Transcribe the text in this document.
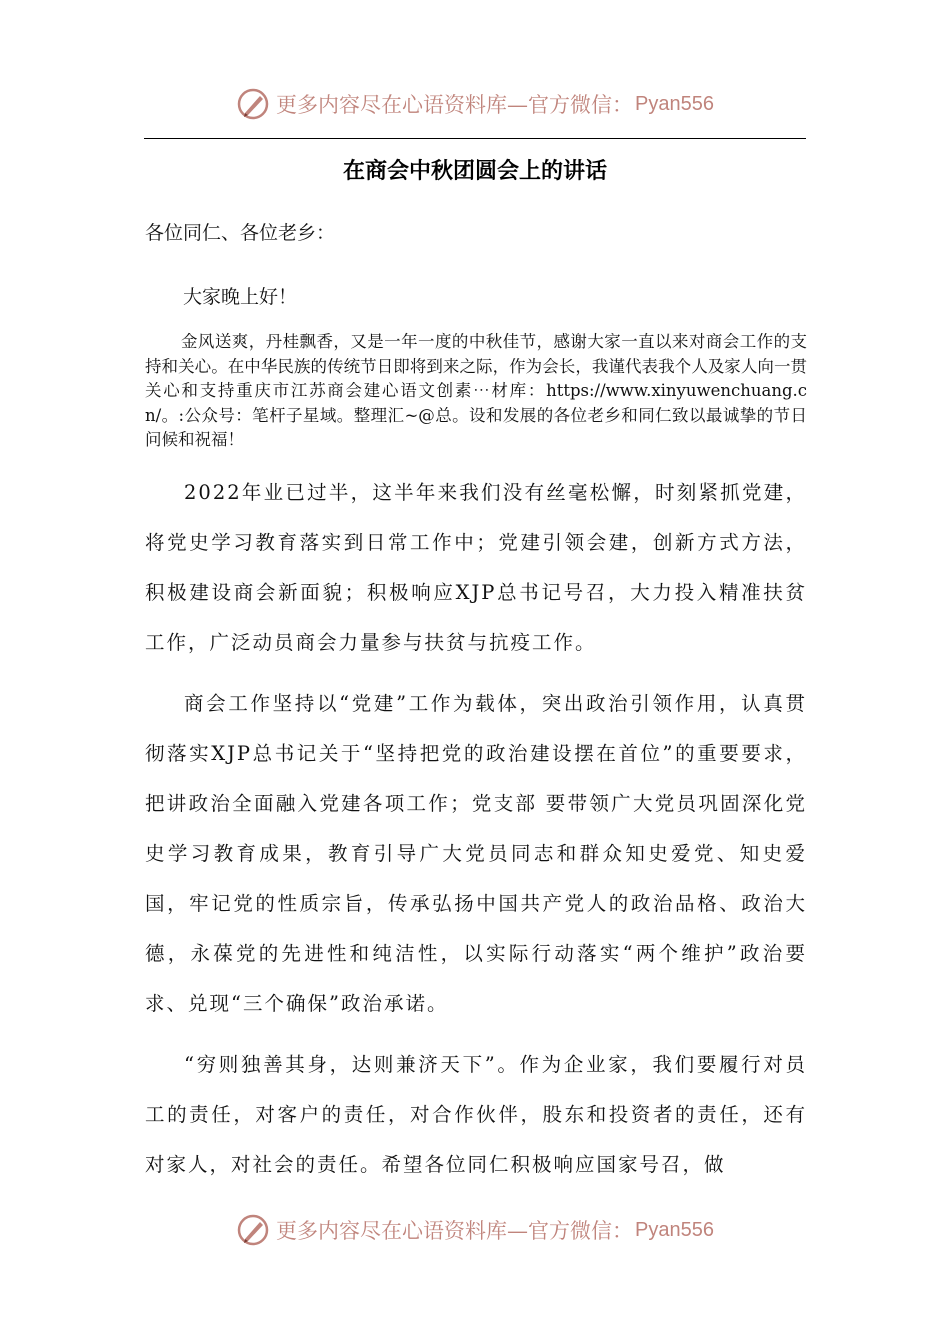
更多内容尽在心语资料库—官方微信： Pyan556
在商会中秋团圆会上的讲话

各位同仁、各位老乡：

大家晚上好！

金风送爽，丹桂飘香，又是一年一度的中秋佳节，感谢大家一直以来对商会工作的支持和关心。在中华民族的传统节日即将到来之际，作为会长，我谨代表我个人及家人向一贯关心和支持重庆市江苏商会建心语文创素⋯材库：https://www.xinyuwenchuang.cn/。:公众号：笔杆子星域。整理汇~@总。设和发展的各位老乡和同仁致以最诚挚的节日问候和祝福！

2022年业已过半，这半年来我们没有丝毫松懈，时刻紧抓党建，将党史学习教育落实到日常工作中；党建引领会建，创新方式方法，积极建设商会新面貌；积极响应XJP总书记号召，大力投入精准扶贫工作，广泛动员商会力量参与扶贫与抗疫工作。

商会工作坚持以“党建”工作为载体，突出政治引领作用，认真贯彻落实XJP总书记关于“坚持把党的政治建设摆在首位”的重要要求，把讲政治全面融入党建各项工作；党支部 要带领广大党员巩固深化党史学习教育成果，教育引导广大党员同志和群众知史爱党、知史爱国，牢记党的性质宗旨，传承弘扬中国共产党人的政治品格、政治大德，永葆党的先进性和纯洁性，以实际行动落实“两个维护”政治要求、兑现“三个确保”政治承诺。

“穷则独善其身，达则兼济天下”。作为企业家，我们要履行对员工的责任，对客户的责任，对合作伙伴，股东和投资者的责任，还有对家人，对社会的责任。希望各位同仁积极响应国家号召，做

更多内容尽在心语资料库—官方微信： Pyan556
